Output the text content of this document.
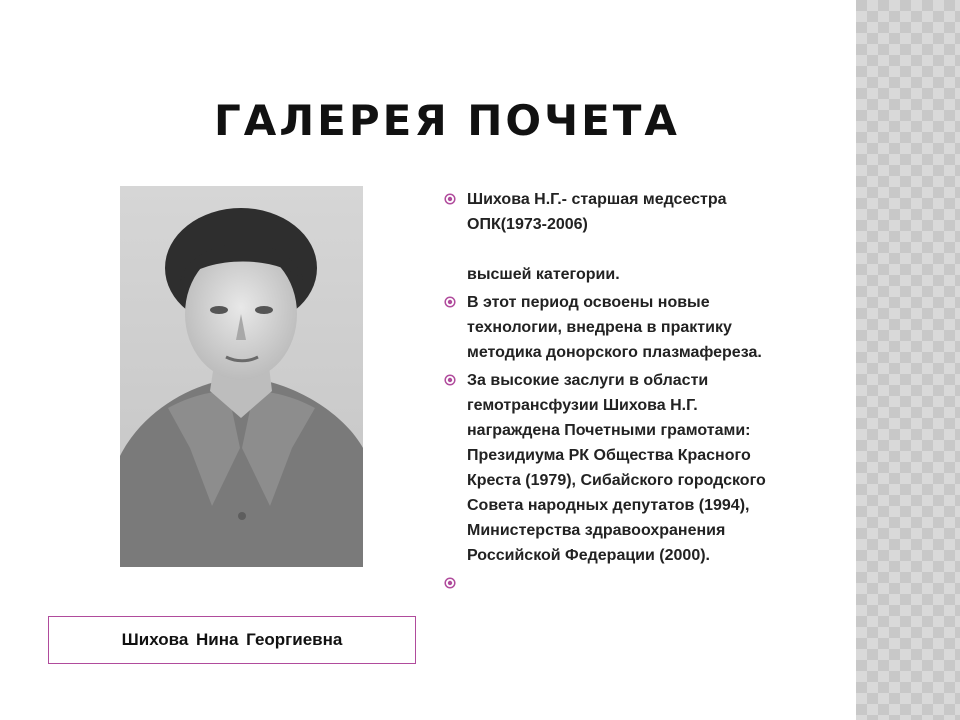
ГАЛЕРЕЯ ПОЧЕТА
Шихова Нина Георгиевна
Шихова Н.Г.- старшая медсестра
ОПК(1973-2006)
высшей категории.
В этот период освоены новые
технологии, внедрена в практику
методика донорского плазмафереза.
За высокие заслуги в области
гемотрансфузии Шихова Н.Г.
награждена Почетными грамотами:
Президиума РК Общества Красного
Креста (1979), Сибайского городского
Совета народных депутатов (1994),
Министерства здравоохранения
Российской Федерации (2000).
